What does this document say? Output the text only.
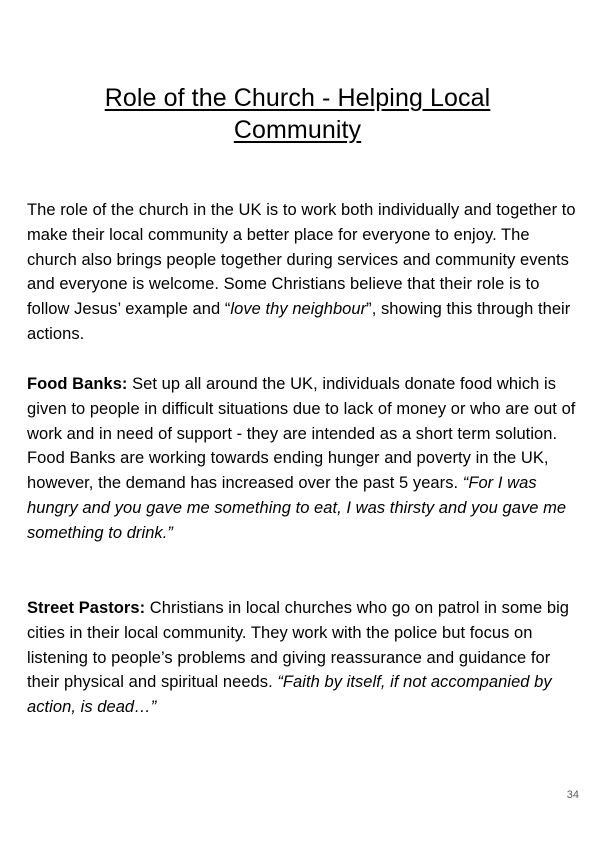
Role of the Church - Helping Local
Community

The role of the church in the UK is to work both individually and together to make their local community a better place for everyone to enjoy. The church also brings people together during services and community events and everyone is welcome. Some Christians believe that their role is to follow Jesus’ example and “love thy neighbour”, showing this through their actions.

Food Banks: Set up all around the UK, individuals donate food which is given to people in difficult situations due to lack of money or who are out of work and in need of support - they are intended as a short term solution. Food Banks are working towards ending hunger and poverty in the UK, however, the demand has increased over the past 5 years. “For I was hungry and you gave me something to eat, I was thirsty and you gave me something to drink.”

Street Pastors: Christians in local churches who go on patrol in some big cities in their local community. They work with the police but focus on listening to people’s problems and giving reassurance and guidance for their physical and spiritual needs. “Faith by itself, if not accompanied by action, is dead…”

34
